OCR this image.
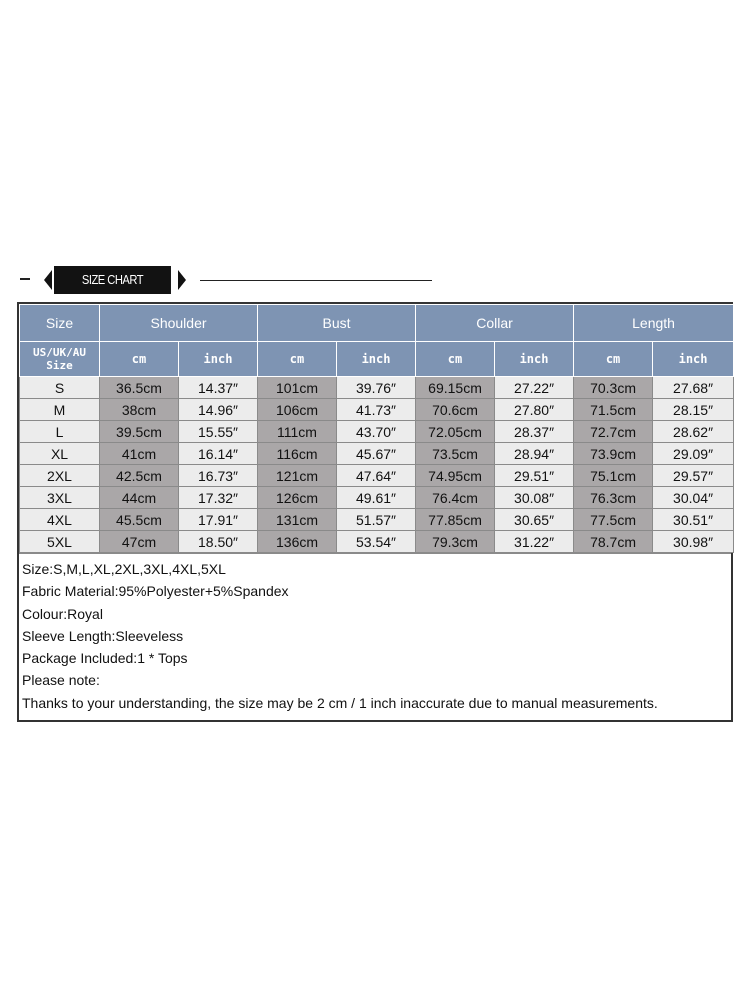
SIZE CHART
Size	Shoulder		Bust		Collar		Length	
US/UK/AU Size	cm	inch	cm	inch	cm	inch	cm	inch
S	36.5cm	14.37″	101cm	39.76″	69.15cm	27.22″	70.3cm	27.68″
M	38cm	14.96″	106cm	41.73″	70.6cm	27.80″	71.5cm	28.15″
L	39.5cm	15.55″	111cm	43.70″	72.05cm	28.37″	72.7cm	28.62″
XL	41cm	16.14″	116cm	45.67″	73.5cm	28.94″	73.9cm	29.09″
2XL	42.5cm	16.73″	121cm	47.64″	74.95cm	29.51″	75.1cm	29.57″
3XL	44cm	17.32″	126cm	49.61″	76.4cm	30.08″	76.3cm	30.04″
4XL	45.5cm	17.91″	131cm	51.57″	77.85cm	30.65″	77.5cm	30.51″
5XL	47cm	18.50″	136cm	53.54″	79.3cm	31.22″	78.7cm	30.98″
Size:S,M,L,XL,2XL,3XL,4XL,5XL
Fabric Material:95%Polyester+5%Spandex
Colour:Royal
Sleeve Length:Sleeveless
Package Included:1 * Tops
Please note:
Thanks to your understanding, the size may be 2 cm / 1 inch inaccurate due to manual measurements.
